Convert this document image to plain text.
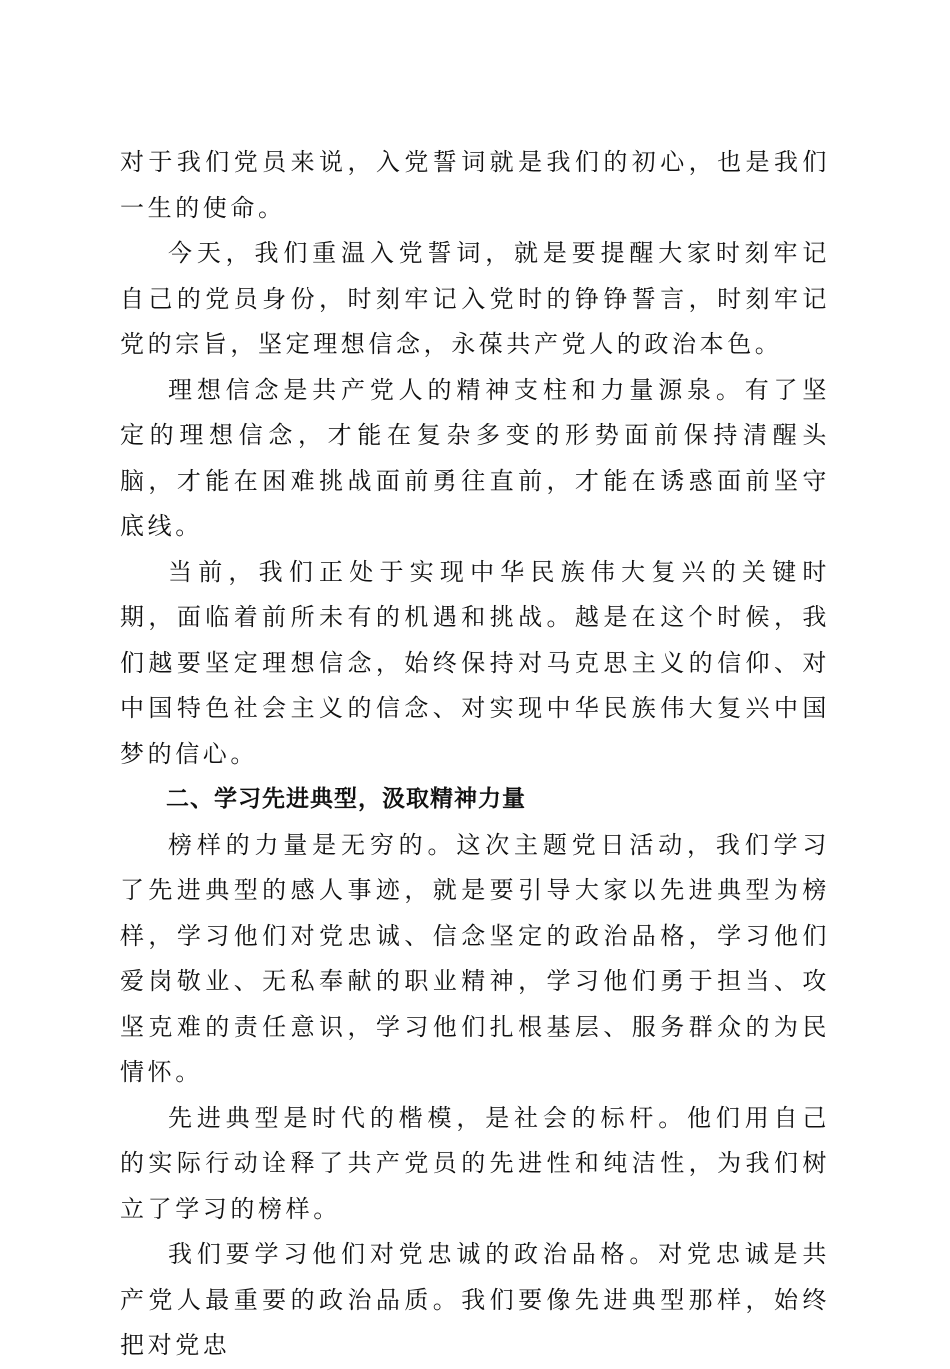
对于我们党员来说，入党誓词就是我们的初心，也是我们一生的使命。

今天，我们重温入党誓词，就是要提醒大家时刻牢记自己的党员身份，时刻牢记入党时的铮铮誓言，时刻牢记党的宗旨，坚定理想信念，永葆共产党人的政治本色。

理想信念是共产党人的精神支柱和力量源泉。有了坚定的理想信念，才能在复杂多变的形势面前保持清醒头脑，才能在困难挑战面前勇往直前，才能在诱惑面前坚守底线。

当前，我们正处于实现中华民族伟大复兴的关键时期，面临着前所未有的机遇和挑战。越是在这个时候，我们越要坚定理想信念，始终保持对马克思主义的信仰、对中国特色社会主义的信念、对实现中华民族伟大复兴中国梦的信心。

二、学习先进典型，汲取精神力量

榜样的力量是无穷的。这次主题党日活动，我们学习了先进典型的感人事迹，就是要引导大家以先进典型为榜样，学习他们对党忠诚、信念坚定的政治品格，学习他们爱岗敬业、无私奉献的职业精神，学习他们勇于担当、攻坚克难的责任意识，学习他们扎根基层、服务群众的为民情怀。

先进典型是时代的楷模，是社会的标杆。他们用自己的实际行动诠释了共产党员的先进性和纯洁性，为我们树立了学习的榜样。

我们要学习他们对党忠诚的政治品格。对党忠诚是共产党人最重要的政治品质。我们要像先进典型那样，始终把对党忠
